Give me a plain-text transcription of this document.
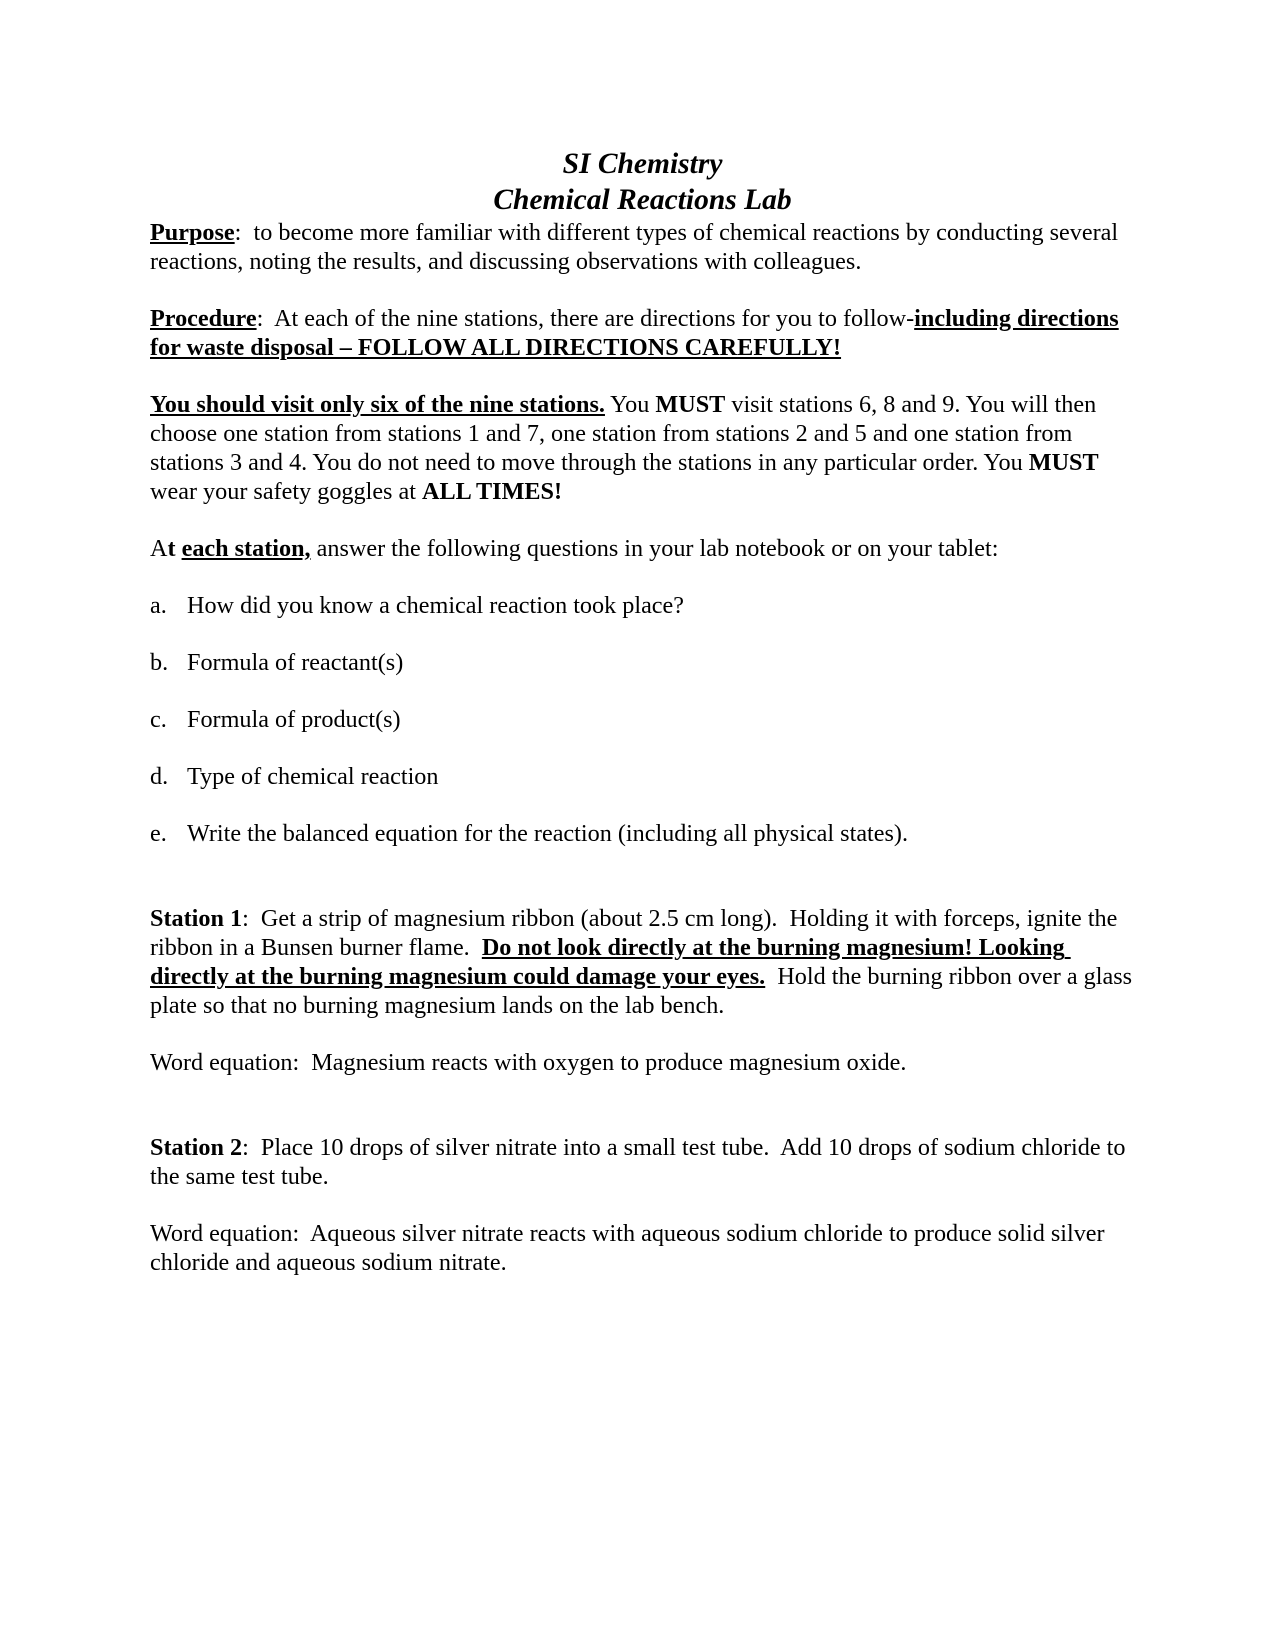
SI Chemistry
Chemical Reactions Lab

Purpose:  to become more familiar with different types of chemical reactions by conducting several reactions, noting the results, and discussing observations with colleagues.

Procedure:  At each of the nine stations, there are directions for you to follow-including directions for waste disposal – FOLLOW ALL DIRECTIONS CAREFULLY!

You should visit only six of the nine stations. You MUST visit stations 6, 8 and 9. You will then choose one station from stations 1 and 7, one station from stations 2 and 5 and one station from stations 3 and 4. You do not need to move through the stations in any particular order. You MUST wear your safety goggles at ALL TIMES!

At each station, answer the following questions in your lab notebook or on your tablet:

a. How did you know a chemical reaction took place?
b. Formula of reactant(s)
c. Formula of product(s)
d. Type of chemical reaction
e. Write the balanced equation for the reaction (including all physical states).

Station 1:  Get a strip of magnesium ribbon (about 2.5 cm long).  Holding it with forceps, ignite the ribbon in a Bunsen burner flame.  Do not look directly at the burning magnesium! Looking directly at the burning magnesium could damage your eyes.  Hold the burning ribbon over a glass plate so that no burning magnesium lands on the lab bench.

Word equation:  Magnesium reacts with oxygen to produce magnesium oxide.

Station 2:  Place 10 drops of silver nitrate into a small test tube.  Add 10 drops of sodium chloride to the same test tube.

Word equation:  Aqueous silver nitrate reacts with aqueous sodium chloride to produce solid silver chloride and aqueous sodium nitrate.
